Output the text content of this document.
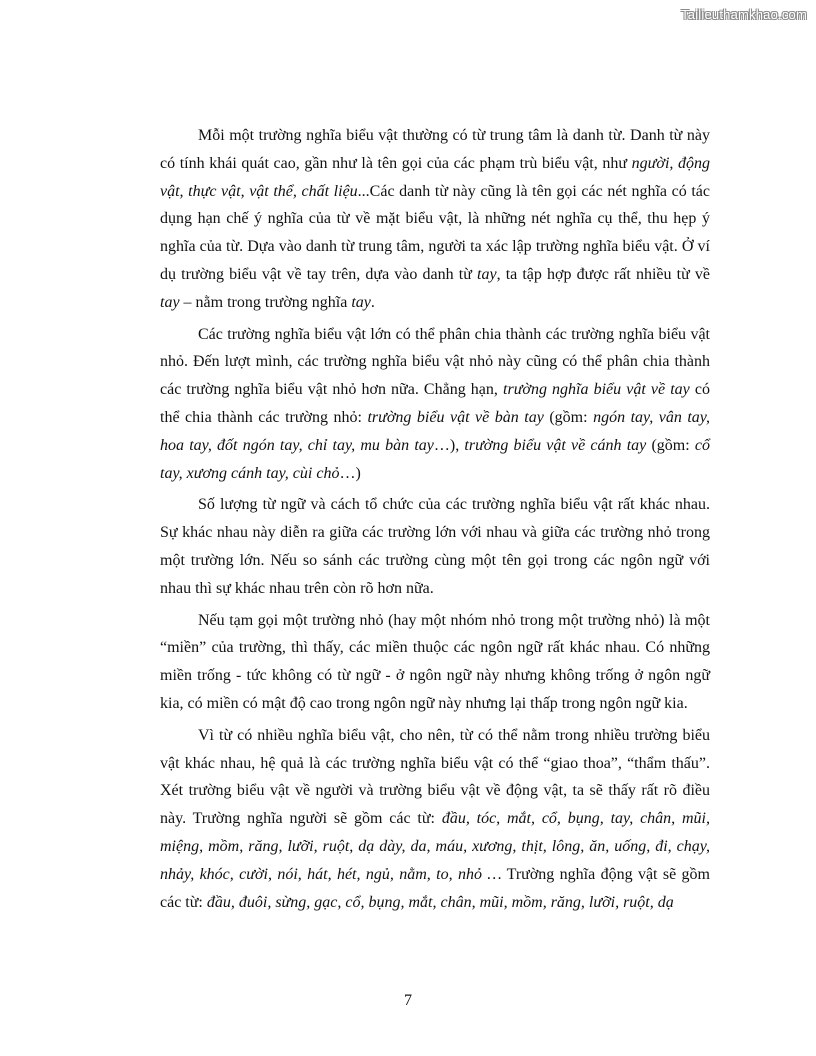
Tailieuthamkhao.com

Mỗi một trường nghĩa biểu vật thường có từ trung tâm là danh từ. Danh từ này có tính khái quát cao, gần như là tên gọi của các phạm trù biểu vật, như người, động vật, thực vật, vật thể, chất liệu...Các danh từ này cũng là tên gọi các nét nghĩa có tác dụng hạn chế ý nghĩa của từ về mặt biểu vật, là những nét nghĩa cụ thể, thu hẹp ý nghĩa của từ. Dựa vào danh từ trung tâm, người ta xác lập trường nghĩa biểu vật. Ở ví dụ trường biểu vật về tay trên, dựa vào danh từ tay, ta tập hợp được rất nhiều từ về tay – nằm trong trường nghĩa tay.

Các trường nghĩa biểu vật lớn có thể phân chia thành các trường nghĩa biểu vật nhỏ. Đến lượt mình, các trường nghĩa biểu vật nhỏ này cũng có thể phân chia thành các trường nghĩa biểu vật nhỏ hơn nữa. Chẳng hạn, trường nghĩa biểu vật về tay có thể chia thành các trường nhỏ: trường biểu vật về bàn tay (gồm: ngón tay, vân tay, hoa tay, đốt ngón tay, chỉ tay, mu bàn tay…), trường biểu vật về cánh tay (gồm: cổ tay, xương cánh tay, cùi chỏ…)

Số lượng từ ngữ và cách tổ chức của các trường nghĩa biểu vật rất khác nhau. Sự khác nhau này diễn ra giữa các trường lớn với nhau và giữa các trường nhỏ trong một trường lớn. Nếu so sánh các trường cùng một tên gọi trong các ngôn ngữ với nhau thì sự khác nhau trên còn rõ hơn nữa.

Nếu tạm gọi một trường nhỏ (hay một nhóm nhỏ trong một trường nhỏ) là một “miền” của trường, thì thấy, các miền thuộc các ngôn ngữ rất khác nhau. Có những miền trống - tức không có từ ngữ - ở ngôn ngữ này nhưng không trống ở ngôn ngữ kia, có miền có mật độ cao trong ngôn ngữ này nhưng lại thấp trong ngôn ngữ kia.

Vì từ có nhiều nghĩa biểu vật, cho nên, từ có thể nằm trong nhiều trường biểu vật khác nhau, hệ quả là các trường nghĩa biểu vật có thể “giao thoa”, “thẩm thấu”. Xét trường biểu vật về người và trường biểu vật về động vật, ta sẽ thấy rất rõ điều này. Trường nghĩa người sẽ gồm các từ: đầu, tóc, mắt, cổ, bụng, tay, chân, mũi, miệng, mồm, răng, lưỡi, ruột, dạ dày, da, máu, xương, thịt, lông, ăn, uống, đi, chạy, nhảy, khóc, cười, nói, hát, hét, ngủ, nằm, to, nhỏ … Trường nghĩa động vật sẽ gồm các từ: đầu, đuôi, sừng, gạc, cổ, bụng, mắt, chân, mũi, mồm, răng, lưỡi, ruột, dạ

7
